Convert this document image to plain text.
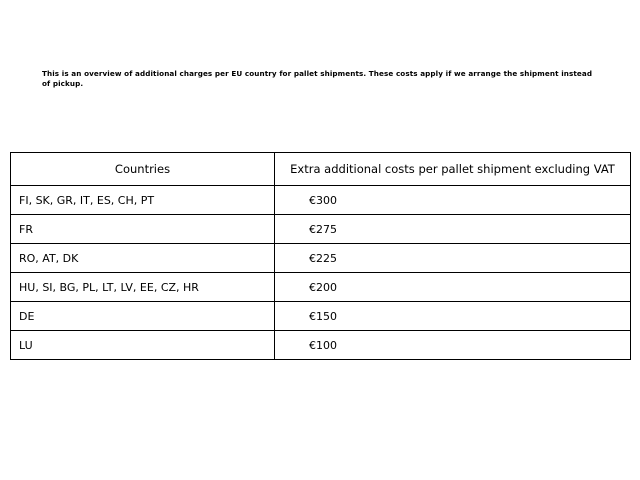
This is an overview of additional charges per EU country for pallet shipments. These costs apply if we arrange the shipment instead of pickup.

Countries	Extra additional costs per pallet shipment excluding VAT
FI, SK, GR, IT, ES, CH, PT	€300
FR	€275
RO, AT, DK	€225
HU, SI, BG, PL, LT, LV, EE, CZ, HR	€200
DE	€150
LU	€100
